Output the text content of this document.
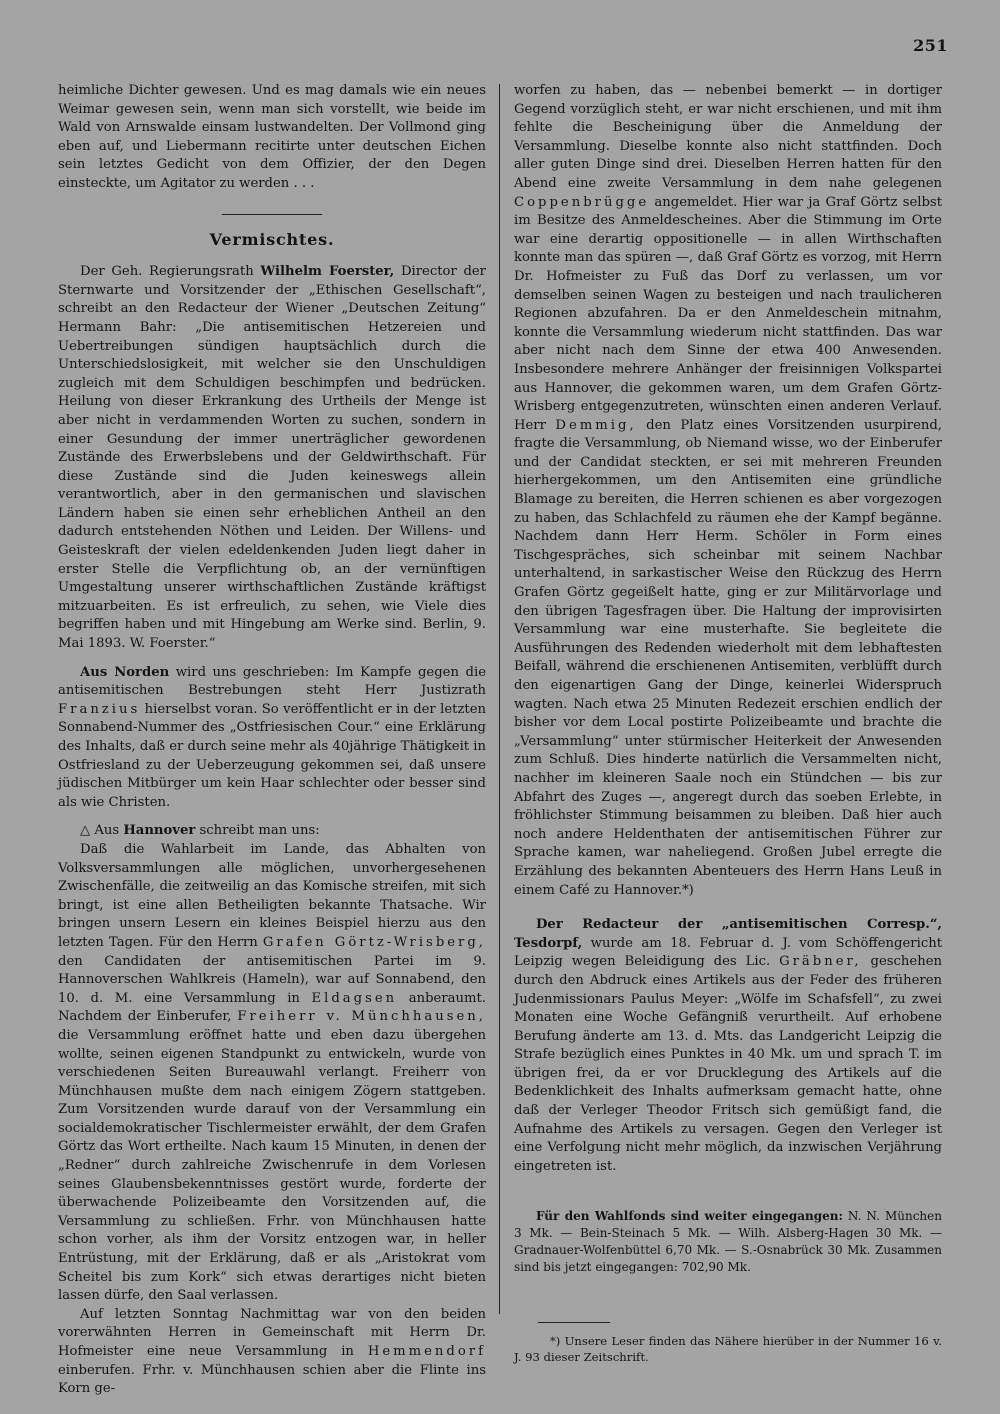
251

heimliche Dichter gewesen. Und es mag damals wie ein neues Weimar gewesen sein, wenn man sich vorstellt, wie beide im Wald von Arnswalde einsam lustwandelten. Der Vollmond ging eben auf, und Liebermann recitirte unter deutschen Eichen sein letztes Gedicht von dem Offizier, der den Degen einsteckte, um Agitator zu werden . . .

Vermischtes.

Der Geh. Regierungsrath Wilhelm Foerster, Director der Sternwarte und Vorsitzender der „Ethischen Gesellschaft“, schreibt an den Redacteur der Wiener „Deutschen Zeitung“ Hermann Bahr: „Die antisemitischen Hetzereien und Uebertreibungen sündigen hauptsächlich durch die Unterschiedslosigkeit, mit welcher sie den Unschuldigen zugleich mit dem Schuldigen beschimpfen und bedrücken. Heilung von dieser Erkrankung des Urtheils der Menge ist aber nicht in verdammenden Worten zu suchen, sondern in einer Gesundung der immer unerträglicher gewordenen Zustände des Erwerbslebens und der Geldwirthschaft. Für diese Zustände sind die Juden keineswegs allein verantwortlich, aber in den germanischen und slavischen Ländern haben sie einen sehr erheblichen Antheil an den dadurch entstehenden Nöthen und Leiden. Der Willens- und Geisteskraft der vielen edeldenkenden Juden liegt daher in erster Stelle die Verpflichtung ob, an der vernünftigen Umgestaltung unserer wirthschaftlichen Zustände kräftigst mitzuarbeiten. Es ist erfreulich, zu sehen, wie Viele dies begriffen haben und mit Hingebung am Werke sind. Berlin, 9. Mai 1893. W. Foerster.“

Aus Norden wird uns geschrieben: Im Kampfe gegen die antisemitischen Bestrebungen steht Herr Justizrath Franzius hierselbst voran. So veröffentlicht er in der letzten Sonnabend-Nummer des „Ostfriesischen Cour.“ eine Erklärung des Inhalts, daß er durch seine mehr als 40jährige Thätigkeit in Ostfriesland zu der Ueberzeugung gekommen sei, daß unsere jüdischen Mitbürger um kein Haar schlechter oder besser sind als wie Christen.

△ Aus Hannover schreibt man uns:

Daß die Wahlarbeit im Lande, das Abhalten von Volksversammlungen alle möglichen, unvorhergesehenen Zwischenfälle, die zeitweilig an das Komische streifen, mit sich bringt, ist eine allen Betheiligten bekannte Thatsache. Wir bringen unsern Lesern ein kleines Beispiel hierzu aus den letzten Tagen. Für den Herrn Grafen Görtz-Wrisberg, den Candidaten der antisemitischen Partei im 9. Hannoverschen Wahlkreis (Hameln), war auf Sonnabend, den 10. d. M. eine Versammlung in Eldagsen anberaumt. Nachdem der Einberufer, Freiherr v. Münchhausen, die Versammlung eröffnet hatte und eben dazu übergehen wollte, seinen eigenen Standpunkt zu entwickeln, wurde von verschiedenen Seiten Bureauwahl verlangt. Freiherr von Münchhausen mußte dem nach einigem Zögern stattgeben. Zum Vorsitzenden wurde darauf von der Versammlung ein socialdemokratischer Tischlermeister erwählt, der dem Grafen Görtz das Wort ertheilte. Nach kaum 15 Minuten, in denen der „Redner“ durch zahlreiche Zwischenrufe in dem Vorlesen seines Glaubensbekenntnisses gestört wurde, forderte der überwachende Polizeibeamte den Vorsitzenden auf, die Versammlung zu schließen. Frhr. von Münchhausen hatte schon vorher, als ihm der Vorsitz entzogen war, in heller Entrüstung, mit der Erklärung, daß er als „Aristokrat vom Scheitel bis zum Kork“ sich etwas derartiges nicht bieten lassen dürfe, den Saal verlassen.

Auf letzten Sonntag Nachmittag war von den beiden vorerwähnten Herren in Gemeinschaft mit Herrn Dr. Hofmeister eine neue Versammlung in Hemmendorf einberufen. Frhr. v. Münchhausen schien aber die Flinte ins Korn ge-

worfen zu haben, das — nebenbei bemerkt — in dortiger Gegend vorzüglich steht, er war nicht erschienen, und mit ihm fehlte die Bescheinigung über die Anmeldung der Versammlung. Dieselbe konnte also nicht stattfinden. Doch aller guten Dinge sind drei. Dieselben Herren hatten für den Abend eine zweite Versammlung in dem nahe gelegenen Coppenbrügge angemeldet. Hier war ja Graf Görtz selbst im Besitze des Anmeldescheines. Aber die Stimmung im Orte war eine derartig oppositionelle — in allen Wirthschaften konnte man das spüren —, daß Graf Görtz es vorzog, mit Herrn Dr. Hofmeister zu Fuß das Dorf zu verlassen, um vor demselben seinen Wagen zu besteigen und nach traulicheren Regionen abzufahren. Da er den Anmeldeschein mitnahm, konnte die Versammlung wiederum nicht stattfinden. Das war aber nicht nach dem Sinne der etwa 400 Anwesenden. Insbesondere mehrere Anhänger der freisinnigen Volkspartei aus Hannover, die gekommen waren, um dem Grafen Görtz-Wrisberg entgegenzutreten, wünschten einen anderen Verlauf. Herr Demmig, den Platz eines Vorsitzenden usurpirend, fragte die Versammlung, ob Niemand wisse, wo der Einberufer und der Candidat steckten, er sei mit mehreren Freunden hierhergekommen, um den Antisemiten eine gründliche Blamage zu bereiten, die Herren schienen es aber vorgezogen zu haben, das Schlachfeld zu räumen ehe der Kampf begänne. Nachdem dann Herr Herm. Schöler in Form eines Tischgespräches, sich scheinbar mit seinem Nachbar unterhaltend, in sarkastischer Weise den Rückzug des Herrn Grafen Görtz gegeißelt hatte, ging er zur Militärvorlage und den übrigen Tagesfragen über. Die Haltung der improvisirten Versammlung war eine musterhafte. Sie begleitete die Ausführungen des Redenden wiederholt mit dem lebhaftesten Beifall, während die erschienenen Antisemiten, verblüfft durch den eigenartigen Gang der Dinge, keinerlei Widerspruch wagten. Nach etwa 25 Minuten Redezeit erschien endlich der bisher vor dem Local postirte Polizeibeamte und brachte die „Versammlung“ unter stürmischer Heiterkeit der Anwesenden zum Schluß. Dies hinderte natürlich die Versammelten nicht, nachher im kleineren Saale noch ein Stündchen — bis zur Abfahrt des Zuges —, angeregt durch das soeben Erlebte, in fröhlichster Stimmung beisammen zu bleiben. Daß hier auch noch andere Heldenthaten der antisemitischen Führer zur Sprache kamen, war naheliegend. Großen Jubel erregte die Erzählung des bekannten Abenteuers des Herrn Hans Leuß in einem Café zu Hannover.*)

Der Redacteur der „antisemitischen Corresp.“, Tesdorpf, wurde am 18. Februar d. J. vom Schöffengericht Leipzig wegen Beleidigung des Lic. Gräbner, geschehen durch den Abdruck eines Artikels aus der Feder des früheren Judenmissionars Paulus Meyer: „Wölfe im Schafsfell“, zu zwei Monaten eine Woche Gefängniß verurtheilt. Auf erhobene Berufung änderte am 13. d. Mts. das Landgericht Leipzig die Strafe bezüglich eines Punktes in 40 Mk. um und sprach T. im übrigen frei, da er vor Drucklegung des Artikels auf die Bedenklichkeit des Inhalts aufmerksam gemacht hatte, ohne daß der Verleger Theodor Fritsch sich gemüßigt fand, die Aufnahme des Artikels zu versagen. Gegen den Verleger ist eine Verfolgung nicht mehr möglich, da inzwischen Verjährung eingetreten ist.

Für den Wahlfonds sind weiter eingegangen: N. N. München 3 Mk. — Bein-Steinach 5 Mk. — Wilh. Alsberg-Hagen 30 Mk. — Gradnauer-Wolfenbüttel 6,70 Mk. — S.-Osnabrück 30 Mk. Zusammen sind bis jetzt eingegangen: 702,90 Mk.

*) Unsere Leser finden das Nähere hierüber in der Nummer 16 v. J. 93 dieser Zeitschrift.
